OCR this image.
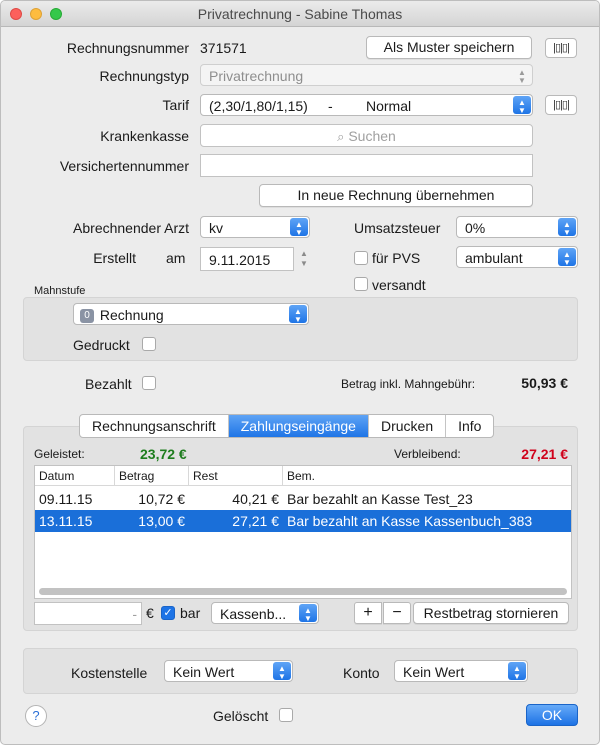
Privatrechnung - Sabine Thomas
Rechnungsnummer 371571	Als Muster speichern	|▯|▯|
Rechnungstyp	Privatrechnung	▲
▼
Tarif	(2,30/1,80/1,15) - Normal	▲
▼	|▯|▯|
Krankenkasse	⌕ Suchen
Versichertennummer
In neue Rechnung übernehmen
Abrechnender Arzt	kv	▲
▼	Umsatzsteuer	0%	▲
▼
Erstellt am	9.11.2015	▲
▼	für PVS	ambulant	▲
▼
versandt
Mahnstufe
0 Rechnung	▲
▼
Gedruckt
Bezahlt	Betrag inkl. Mahngebühr:	50,93 €
Rechnungsanschrift	Zahlungseingänge	Drucken	Info
Geleistet:	23,72 €	Verbleibend:	27,21 €
Datum	Betrag	Rest	Bem.
09.11.15	10,72 €	40,21 € Bar bezahlt an Kasse Test_23
13.11.15	13,00 €	27,21 € Bar bezahlt an Kasse Kassenbuch_383
- € ✓ bar	Kassenb...	▲
▼	+	−	Restbetrag stornieren
Kostenstelle	Kein Wert	▲
▼	Konto	Kein Wert	▲
▼
?	Gelöscht	OK
